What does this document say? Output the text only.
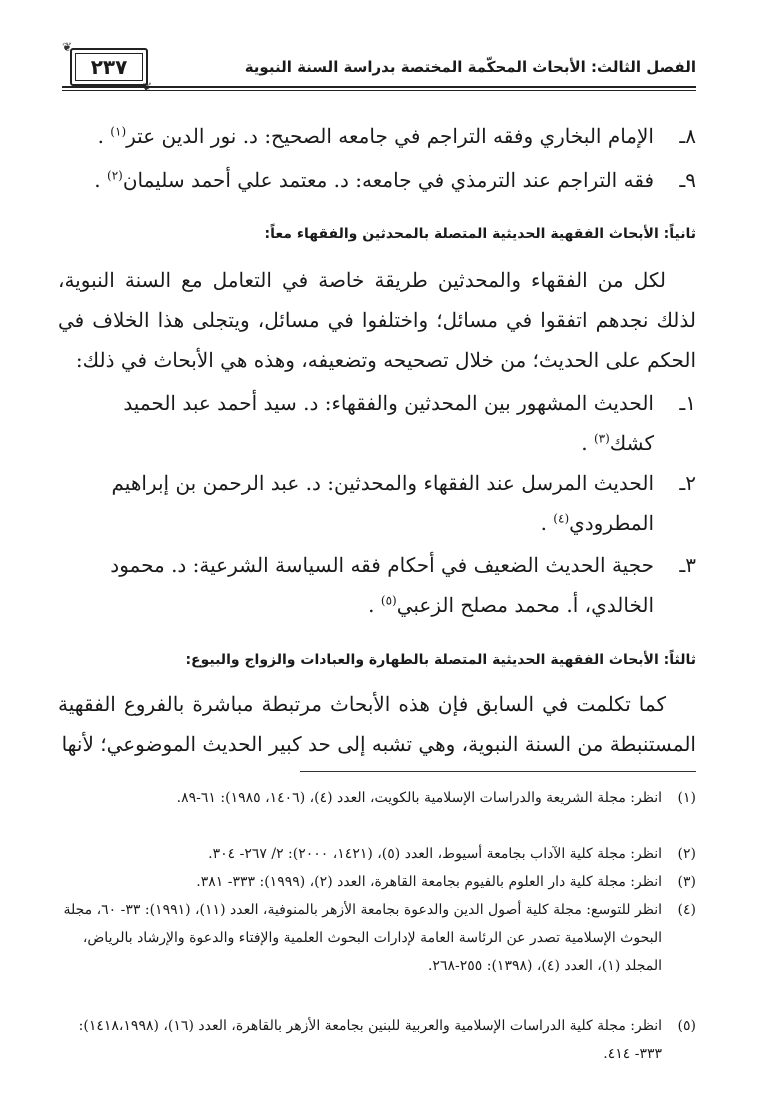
❦
❦
الفصل الثالث: الأبحاث المحكّمة المختصة بدراسة السنة النبوية
٢٣٧
٨ـ
الإمام البخاري وفقه التراجم في جامعه الصحيح: د. نور الدين عتر$^{(١)}$ .
٩ـ
فقه التراجم عند الترمذي في جامعه: د. معتمد علي أحمد سليمان$^{(٢)}$ .
ثانياً: الأبحاث الفقهية الحديثية المتصلة بالمحدثين والفقهاء معاً:
لكل من الفقهاء والمحدثين طريقة خاصة في التعامل مع السنة النبوية، لذلك نجدهم اتفقوا في مسائل؛ واختلفوا في مسائل، ويتجلى هذا الخلاف في الحكم على الحديث؛ من خلال تصحيحه وتضعيفه، وهذه هي الأبحاث في ذلك:
١ـ
الحديث المشهور بين المحدثين والفقهاء: د. سيد أحمد عبد الحميد كشك$^{(٣)}$ .
٢ـ
الحديث المرسل عند الفقهاء والمحدثين: د. عبد الرحمن بن إبراهيم المطرودي$^{(٤)}$ .
٣ـ
حجية الحديث الضعيف في أحكام فقه السياسة الشرعية: د. محمود الخالدي، أ. محمد مصلح الزعبي$^{(٥)}$ .
ثالثاً: الأبحاث الفقهية الحديثية المتصلة بالطهارة والعبادات والزواج والبيوع:
كما تكلمت في السابق فإن هذه الأبحاث مرتبطة مباشرة بالفروع الفقهية المستنبطة من السنة النبوية، وهي تشبه إلى حد كبير الحديث الموضوعي؛ لأنها
(١)
انظر: مجلة الشريعة والدراسات الإسلامية بالكويت، العدد (٤)، (١٤٠٦، ١٩٨٥): ٦١-٨٩.
(٢)
انظر: مجلة كلية الآداب بجامعة أسيوط، العدد (٥)، (١٤٢١، ٢٠٠٠): ٢/ ٢٦٧- ٣٠٤.
(٣)
انظر: مجلة كلية دار العلوم بالفيوم بجامعة القاهرة، العدد (٢)، (١٩٩٩): ٣٣٣- ٣٨١.
(٤)
انظر للتوسع: مجلة كلية أصول الدين والدعوة بجامعة الأزهر بالمنوفية، العدد (١١)، (١٩٩١): ٣٣- ٦٠، مجلة البحوث الإسلامية تصدر عن الرئاسة العامة لإدارات البحوث العلمية والإفتاء والدعوة والإرشاد بالرياض، المجلد (١)، العدد (٤)، (١٣٩٨): ٢٥٥-٢٦٨.
(٥)
انظر: مجلة كلية الدراسات الإسلامية والعربية للبنين بجامعة الأزهر بالقاهرة، العدد (١٦)، (١٤١٨،١٩٩٨): ٣٣٣- ٤١٤.
